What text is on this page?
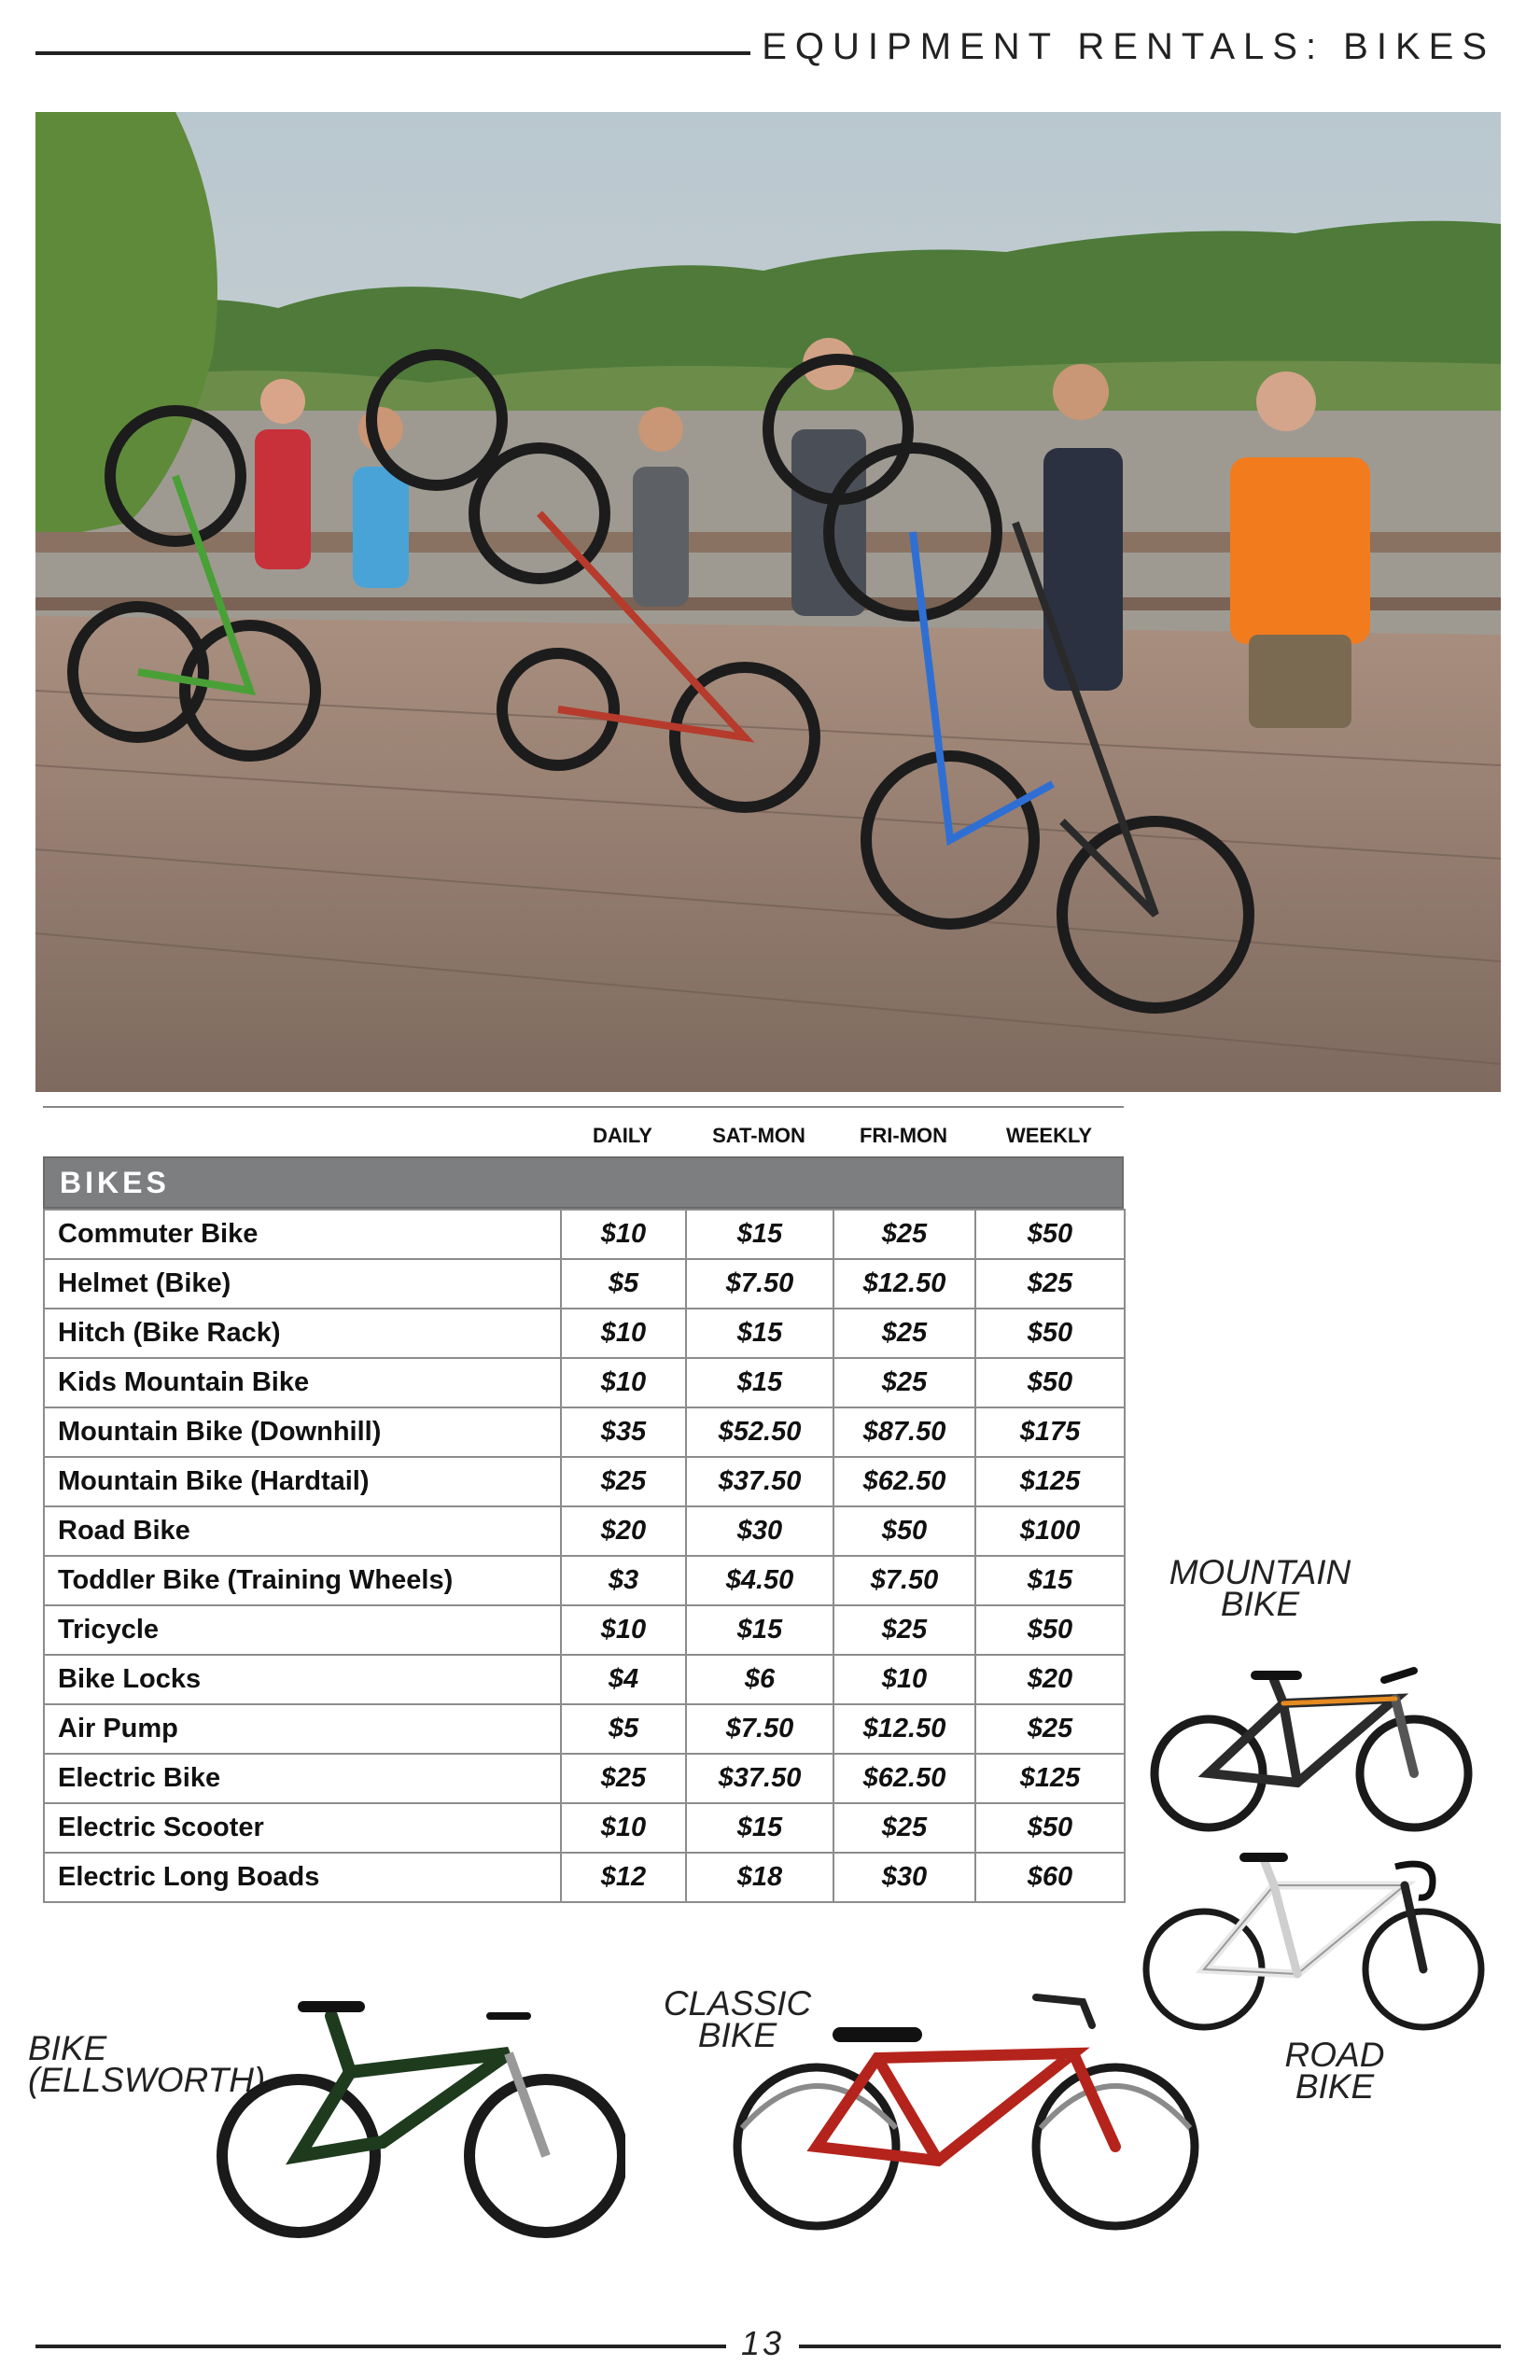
EQUIPMENT RENTALS: BIKES
DAILY	SAT-MON	FRI-MON	WEEKLY
BIKES
Commuter Bike	$10	$15	$25	$50
Helmet (Bike)	$5	$7.50	$12.50	$25
Hitch (Bike Rack)	$10	$15	$25	$50
Kids Mountain Bike	$10	$15	$25	$50
Mountain Bike (Downhill)	$35	$52.50	$87.50	$175
Mountain Bike (Hardtail)	$25	$37.50	$62.50	$125
Road Bike	$20	$30	$50	$100
Toddler Bike (Training Wheels)	$3	$4.50	$7.50	$15
Tricycle	$10	$15	$25	$50
Bike Locks	$4	$6	$10	$20
Air Pump	$5	$7.50	$12.50	$25
Electric Bike	$25	$37.50	$62.50	$125
Electric Scooter	$10	$15	$25	$50
Electric Long Boads	$12	$18	$30	$60
MOUNTAIN
BIKE
ROAD
BIKE
CLASSIC
BIKE
BIKE (ELLSWORTH)
13
